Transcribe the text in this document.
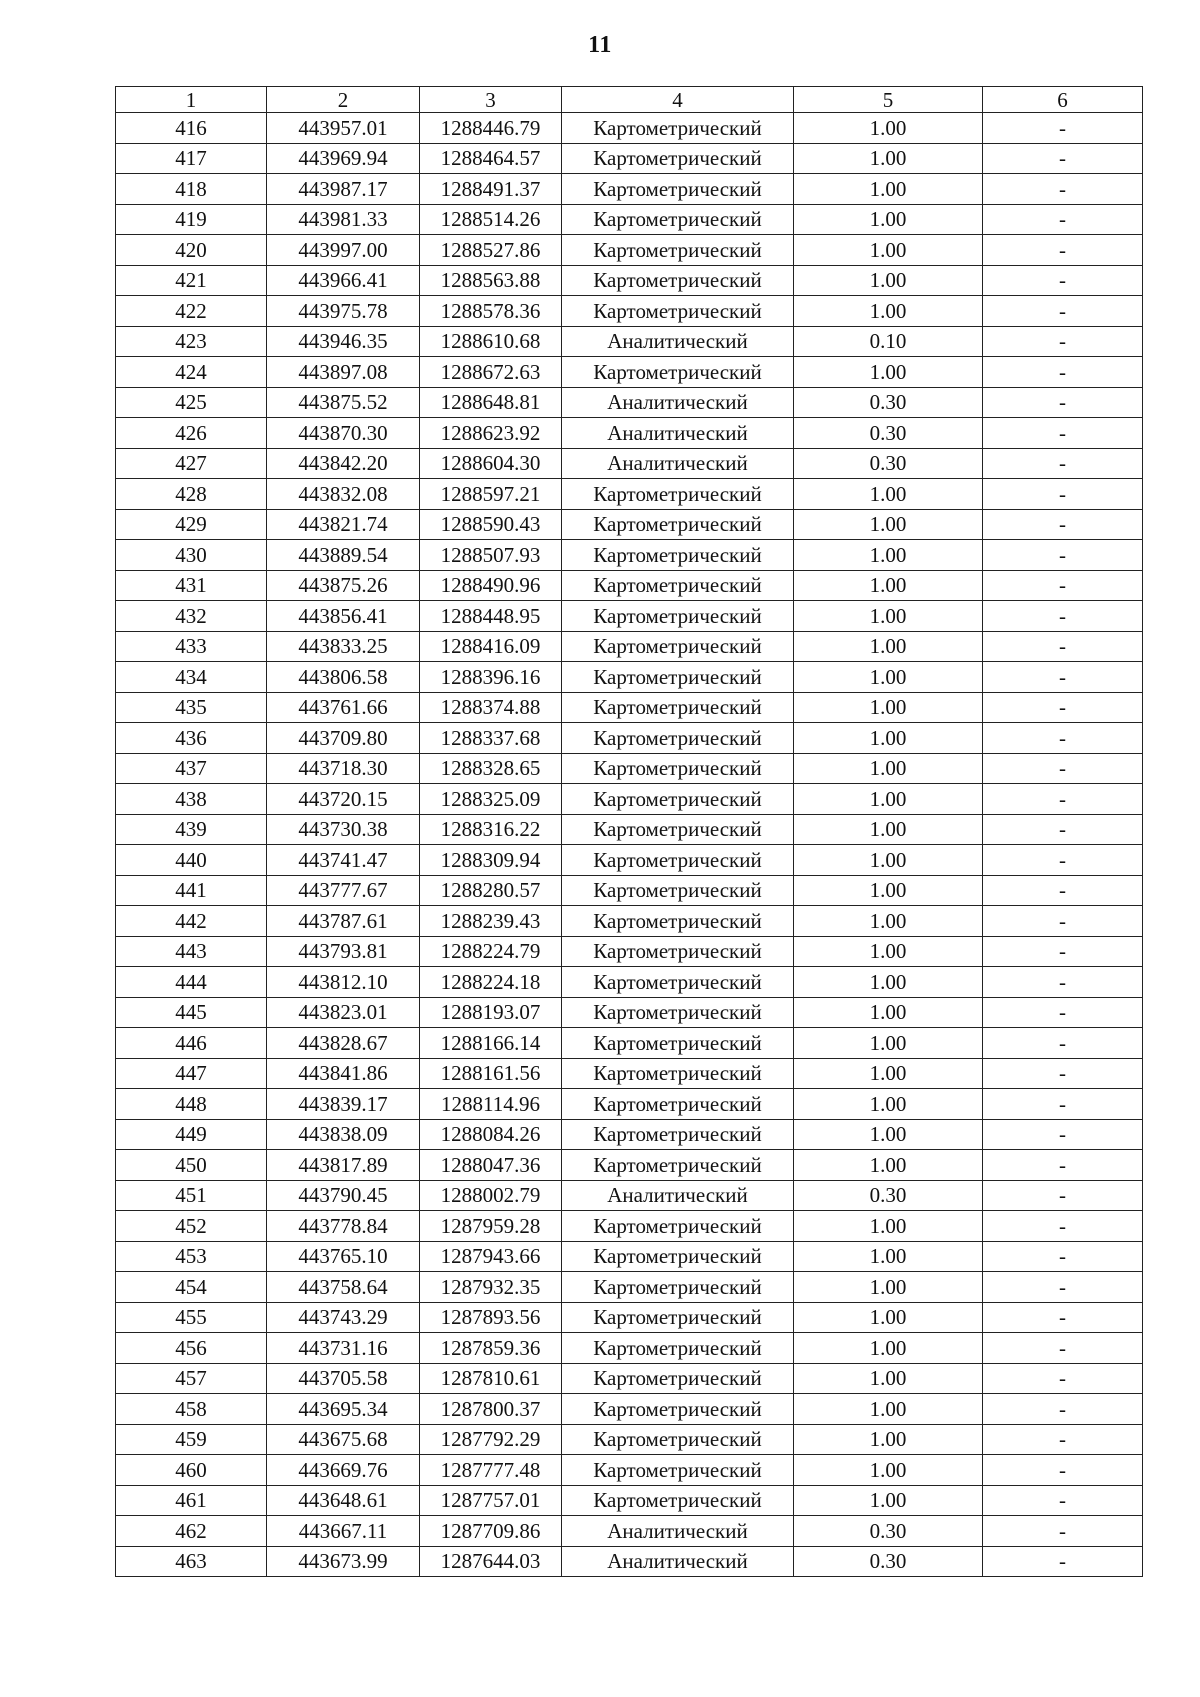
11
1	2	3	4	5	6
416	443957.01	1288446.79	Картометрический	1.00	-
417	443969.94	1288464.57	Картометрический	1.00	-
418	443987.17	1288491.37	Картометрический	1.00	-
419	443981.33	1288514.26	Картометрический	1.00	-
420	443997.00	1288527.86	Картометрический	1.00	-
421	443966.41	1288563.88	Картометрический	1.00	-
422	443975.78	1288578.36	Картометрический	1.00	-
423	443946.35	1288610.68	Аналитический	0.10	-
424	443897.08	1288672.63	Картометрический	1.00	-
425	443875.52	1288648.81	Аналитический	0.30	-
426	443870.30	1288623.92	Аналитический	0.30	-
427	443842.20	1288604.30	Аналитический	0.30	-
428	443832.08	1288597.21	Картометрический	1.00	-
429	443821.74	1288590.43	Картометрический	1.00	-
430	443889.54	1288507.93	Картометрический	1.00	-
431	443875.26	1288490.96	Картометрический	1.00	-
432	443856.41	1288448.95	Картометрический	1.00	-
433	443833.25	1288416.09	Картометрический	1.00	-
434	443806.58	1288396.16	Картометрический	1.00	-
435	443761.66	1288374.88	Картометрический	1.00	-
436	443709.80	1288337.68	Картометрический	1.00	-
437	443718.30	1288328.65	Картометрический	1.00	-
438	443720.15	1288325.09	Картометрический	1.00	-
439	443730.38	1288316.22	Картометрический	1.00	-
440	443741.47	1288309.94	Картометрический	1.00	-
441	443777.67	1288280.57	Картометрический	1.00	-
442	443787.61	1288239.43	Картометрический	1.00	-
443	443793.81	1288224.79	Картометрический	1.00	-
444	443812.10	1288224.18	Картометрический	1.00	-
445	443823.01	1288193.07	Картометрический	1.00	-
446	443828.67	1288166.14	Картометрический	1.00	-
447	443841.86	1288161.56	Картометрический	1.00	-
448	443839.17	1288114.96	Картометрический	1.00	-
449	443838.09	1288084.26	Картометрический	1.00	-
450	443817.89	1288047.36	Картометрический	1.00	-
451	443790.45	1288002.79	Аналитический	0.30	-
452	443778.84	1287959.28	Картометрический	1.00	-
453	443765.10	1287943.66	Картометрический	1.00	-
454	443758.64	1287932.35	Картометрический	1.00	-
455	443743.29	1287893.56	Картометрический	1.00	-
456	443731.16	1287859.36	Картометрический	1.00	-
457	443705.58	1287810.61	Картометрический	1.00	-
458	443695.34	1287800.37	Картометрический	1.00	-
459	443675.68	1287792.29	Картометрический	1.00	-
460	443669.76	1287777.48	Картометрический	1.00	-
461	443648.61	1287757.01	Картометрический	1.00	-
462	443667.11	1287709.86	Аналитический	0.30	-
463	443673.99	1287644.03	Аналитический	0.30	-
